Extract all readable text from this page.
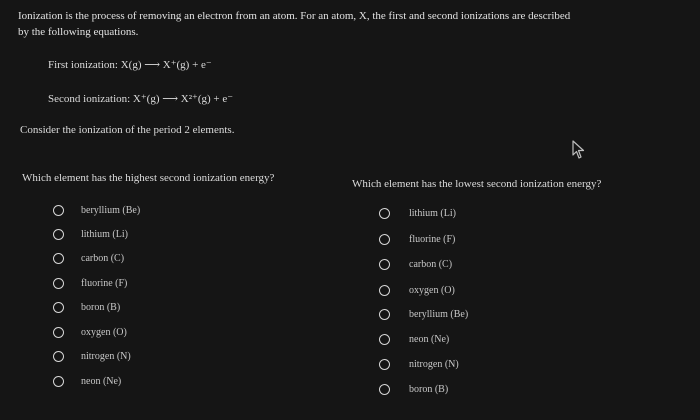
Ionization is the process of removing an electron from an atom. For an atom, X, the first and second ionizations are described
by the following equations.
First ionization: X(g) ⟶ X⁺(g) + e⁻
Second ionization: X⁺(g) ⟶ X²⁺(g) + e⁻
Consider the ionization of the period 2 elements.
Which element has the highest second ionization energy?	Which element has the lowest second ionization energy?
beryllium (Be)
lithium (Li)
carbon (C)
fluorine (F)
boron (B)
oxygen (O)
nitrogen (N)
neon (Ne)
lithium (Li)
fluorine (F)
carbon (C)
oxygen (O)
beryllium (Be)
neon (Ne)
nitrogen (N)
boron (B)
